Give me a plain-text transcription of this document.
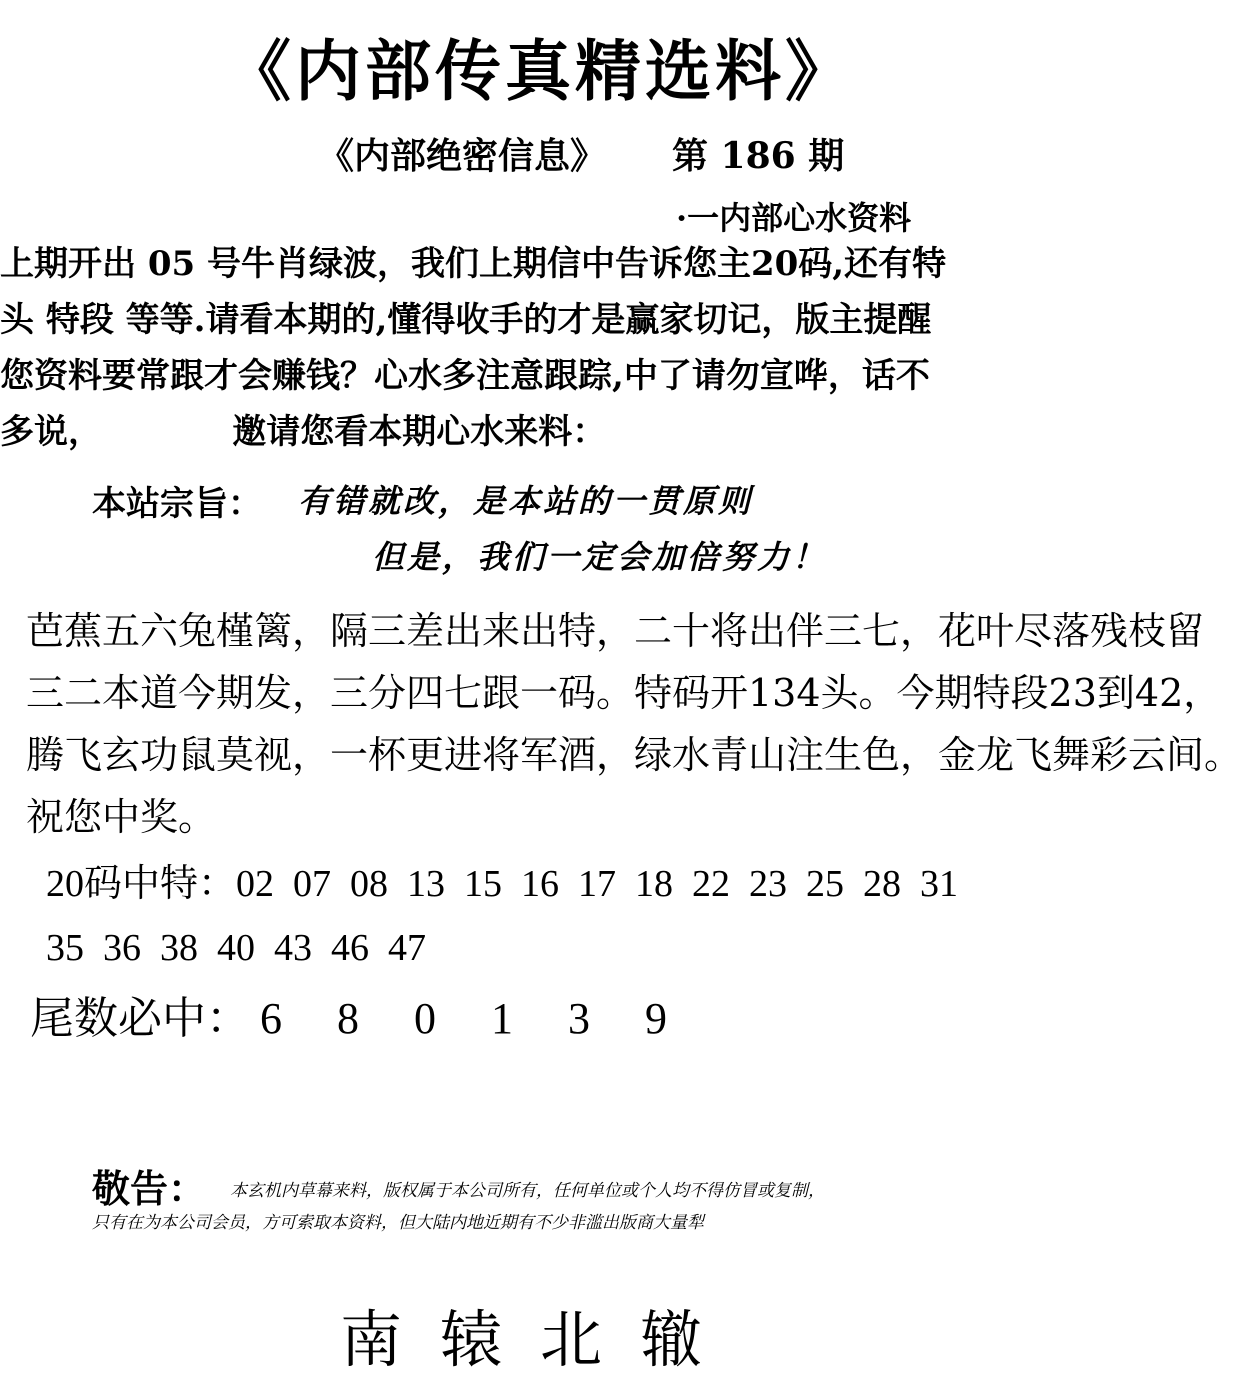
《内部传真精选料》
《内部绝密信息》 第 186 期
·一内部心水资料
上期开出 05 号牛肖绿波，我们上期信中告诉您主20码,还有特
头 特段 等等.请看本期的,懂得收手的才是赢家切记，版主提醒
您资料要常跟才会赚钱？心水多注意跟踪,中了请勿宣哗，话不
多说，           邀请您看本期心水来料：
本站宗旨： 有错就改，是本站的一贯原则
但是，我们一定会加倍努力！
芭蕉五六兔槿篱，隔三差出来出特，二十将出伴三七，花叶尽落残枝留
三二本道今期发，三分四七跟一码。特码开134头。今期特段23到42，
腾飞玄功鼠莫视，一杯更进将军酒，绿水青山注生色，金龙飞舞彩云间。
祝您中奖。
20码中特：02  07  08  13  15  16  17  18  22  23  25  28  31
35  36  38  40  43  46  47
尾数必中： 6 8 0 1 3 9
敬告： 本玄机内草幕来料，版权属于本公司所有，任何单位或个人均不得仿冒或复制，
只有在为本公司会员，方可索取本资料，但大陆内地近期有不少非滥出版商大量犁
南辕北辙
